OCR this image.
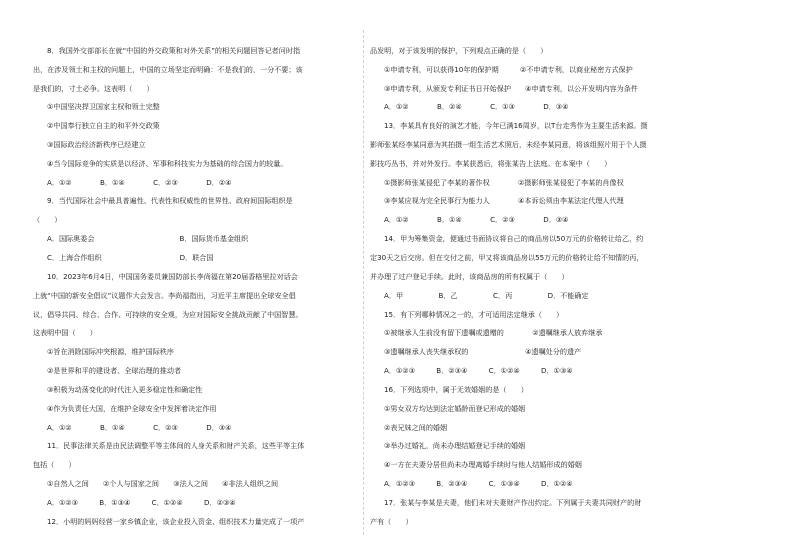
8．我国外交部部长在就“中国的外交政策和对外关系”的相关问题回答记者问时指
出，在涉及领土和主权的问题上，中国的立场坚定而明确：不是我们的，一分不要；该
是我们的，寸土必争。这表明（　　）
①中国坚决捍卫国家主权和领土完整
②中国奉行独立自主的和平外交政策
③国际政治经济新秩序已经建立
④当今国际竞争的实质是以经济、军事和科技实力为基础的综合国力的较量。
A．①②　　　　B．①④　　　　C．②③　　　　D．②④
9．当代国际社会中最具普遍性、代表性和权威性的世界性、政府间国际组织是
（　　）
A．国际奥委会　　　　　　　　　　　　B．国际货币基金组织
C．上海合作组织　　　　　　　　　　　D．联合国
10．2023年6月4日，中国国务委员兼国防部长李尚福在第20届香格里拉对话会
上就“中国的新安全倡议”议题作大会发言。李尚福指出，习近平主席提出全球安全倡
议，倡导共同、综合、合作、可持续的安全观，为应对国际安全挑战贡献了中国智慧。
这表明中国（　　）
①旨在消除国际冲突根源，维护国际秩序
②是世界和平的建设者、全球治理的推动者
③积极为动荡变化的时代注入更多稳定性和确定性
④作为负责任大国，在维护全球安全中发挥着决定作用
A．①②　　　　B．①④　　　　C．②③　　　　D．③④
11．民事法律关系是由民法调整平等主体间的人身关系和财产关系，这些平等主体
包括（　　）
①自然人之间　　②个人与国家之间　　③法人之间　　④非法人组织之间
A．①②③　　　B．①③④　　　C．①②④　　　D．②③④
12．小明的妈妈经营一家乡镇企业，该企业投入资金、组织技术力量完成了一项产
品发明，对于该发明的保护，下列观点正确的是（　　）
①申请专利，可以获得10年的保护期　　　②不申请专利，以商业秘密方式保护
③申请专利，从颁发专利证书日开始保护　　④申请专利，以公开发明内容为条件
A．①②　　　　B．②④　　　　C．①③　　　　D．③④
13．李某具有良好的演艺才能，今年已满16周岁，以T台走秀作为主要生活来源。摄
影师张某经李某同意为其拍摄一组生活艺术照后，未经李某同意，将该组照片用于个人摄
影技巧丛书，并对外发行。李某获悉后，将张某告上法庭。在本案中（　　）
①摄影师张某侵犯了李某的著作权　　　　②摄影师张某侵犯了李某的肖像权
③李某应视为完全民事行为能力人　　　　④本诉讼须由李某法定代理人代理
A．①②　　　　B．①④　　　　C．②③　　　　D．③④
14．甲为筹集资金，便通过书面协议将自己的商品房以50万元的价格转让给乙，约
定30天之后交房。但在交付之前，甲又将该商品房以55万元的价格转让给不知情的丙，
并办理了过户登记手续。此时，该商品房的所有权属于（　　）
A．甲　　　　　B．乙　　　　　C．丙　　　　　D．不能确定
15．有下列哪种情况之一的，才可适用法定继承（　　）
①被继承人生前没有留下遗嘱或遗赠的　　　　②遗嘱继承人放弃继承
③遗嘱继承人丧失继承权的　　　　　　　　④遗嘱处分的遗产
A．①②③　　　B．②③④　　　C．①②④　　　D．①③④
16．下列选项中，属于无效婚姻的是（　　）
①男女双方均达到法定婚龄而登记形成的婚姻
②表兄妹之间的婚姻
③举办过婚礼，尚未办理结婚登记手续的婚姻
④一方在夫妻分居但尚未办理离婚手续时与他人结婚形成的婚姻
A．①②③　　　B．②③④　　　C．①③④　　　D．①②④
17．张某与李某是夫妻，他们未对夫妻财产作出约定。下列属于夫妻共同财产的财
产有（　　）
